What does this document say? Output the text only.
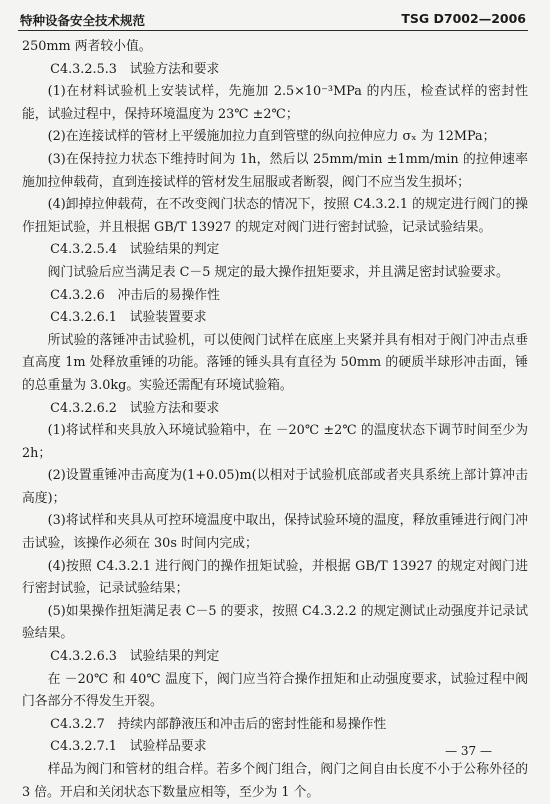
特种设备安全技术规范	TSG D7002—2006

250mm 两者较小值。

C4.3.2.5.3　试验方法和要求

(1)在材料试验机上安装试样，先施加 2.5×10⁻³MPa 的内压，检查试样的密封性能，试验过程中，保持环境温度为 23℃ ±2℃；

(2)在连接试样的管材上平缓施加拉力直到管壁的纵向拉伸应力 σₓ 为 12MPa；

(3)在保持拉力状态下维持时间为 1h，然后以 25mm/min ±1mm/min 的拉伸速率施加拉伸载荷，直到连接试样的管材发生屈服或者断裂，阀门不应当发生损坏；

(4)卸掉拉伸载荷，在不改变阀门状态的情况下，按照 C4.3.2.1 的规定进行阀门的操作扭矩试验，并且根据 GB/T 13927 的规定对阀门进行密封试验，记录试验结果。

C4.3.2.5.4　试验结果的判定

阀门试验后应当满足表 C－5 规定的最大操作扭矩要求，并且满足密封试验要求。

C4.3.2.6　冲击后的易操作性

C4.3.2.6.1　试验装置要求

所试验的落锤冲击试验机，可以使阀门试样在底座上夹紧并具有相对于阀门冲击点垂直高度 1m 处释放重锤的功能。落锤的锤头具有直径为 50mm 的硬质半球形冲击面，锤的总重量为 3.0kg。实验还需配有环境试验箱。

C4.3.2.6.2　试验方法和要求

(1)将试样和夹具放入环境试验箱中，在 －20℃ ±2℃ 的温度状态下调节时间至少为 2h；

(2)设置重锤冲击高度为(1+0.05)m(以相对于试验机底部或者夹具系统上部计算冲击高度)；

(3)将试样和夹具从可控环境温度中取出，保持试验环境的温度，释放重锤进行阀门冲击试验，该操作必须在 30s 时间内完成；

(4)按照 C4.3.2.1 进行阀门的操作扭矩试验，并根据 GB/T 13927 的规定对阀门进行密封试验，记录试验结果；

(5)如果操作扭矩满足表 C－5 的要求，按照 C4.3.2.2 的规定测试止动强度并记录试验结果。

C4.3.2.6.3　试验结果的判定

在 －20℃ 和 40℃ 温度下，阀门应当符合操作扭矩和止动强度要求，试验过程中阀门各部分不得发生开裂。

C4.3.2.7　持续内部静液压和冲击后的密封性能和易操作性

C4.3.2.7.1　试验样品要求

样品为阀门和管材的组合样。若多个阀门组合，阀门之间自由长度不小于公称外径的 3 倍。开启和关闭状态下数量应相等，至少为 1 个。

— 37 —
